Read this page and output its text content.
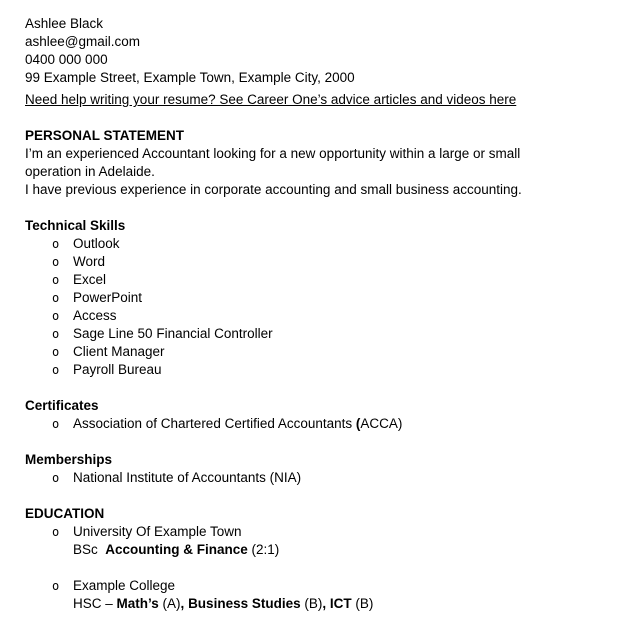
Ashlee Black
ashlee@gmail.com
0400 000 000
99 Example Street, Example Town, Example City, 2000
Need help writing your resume? See Career One’s advice articles and videos here
PERSONAL STATEMENT
I’m an experienced Accountant looking for a new opportunity within a large or small
operation in Adelaide.
I have previous experience in corporate accounting and small business accounting.
Technical Skills
o	Outlook
o	Word
o	Excel
o	PowerPoint
o	Access
o	Sage Line 50 Financial Controller
o	Client Manager
o	Payroll Bureau
Certificates
o	Association of Chartered Certified Accountants (ACCA)
Memberships
o	National Institute of Accountants (NIA)
EDUCATION
o	University Of Example Town
BSc  Accounting & Finance (2:1)
o	Example College
HSC – Math’s (A), Business Studies (B), ICT (B)
